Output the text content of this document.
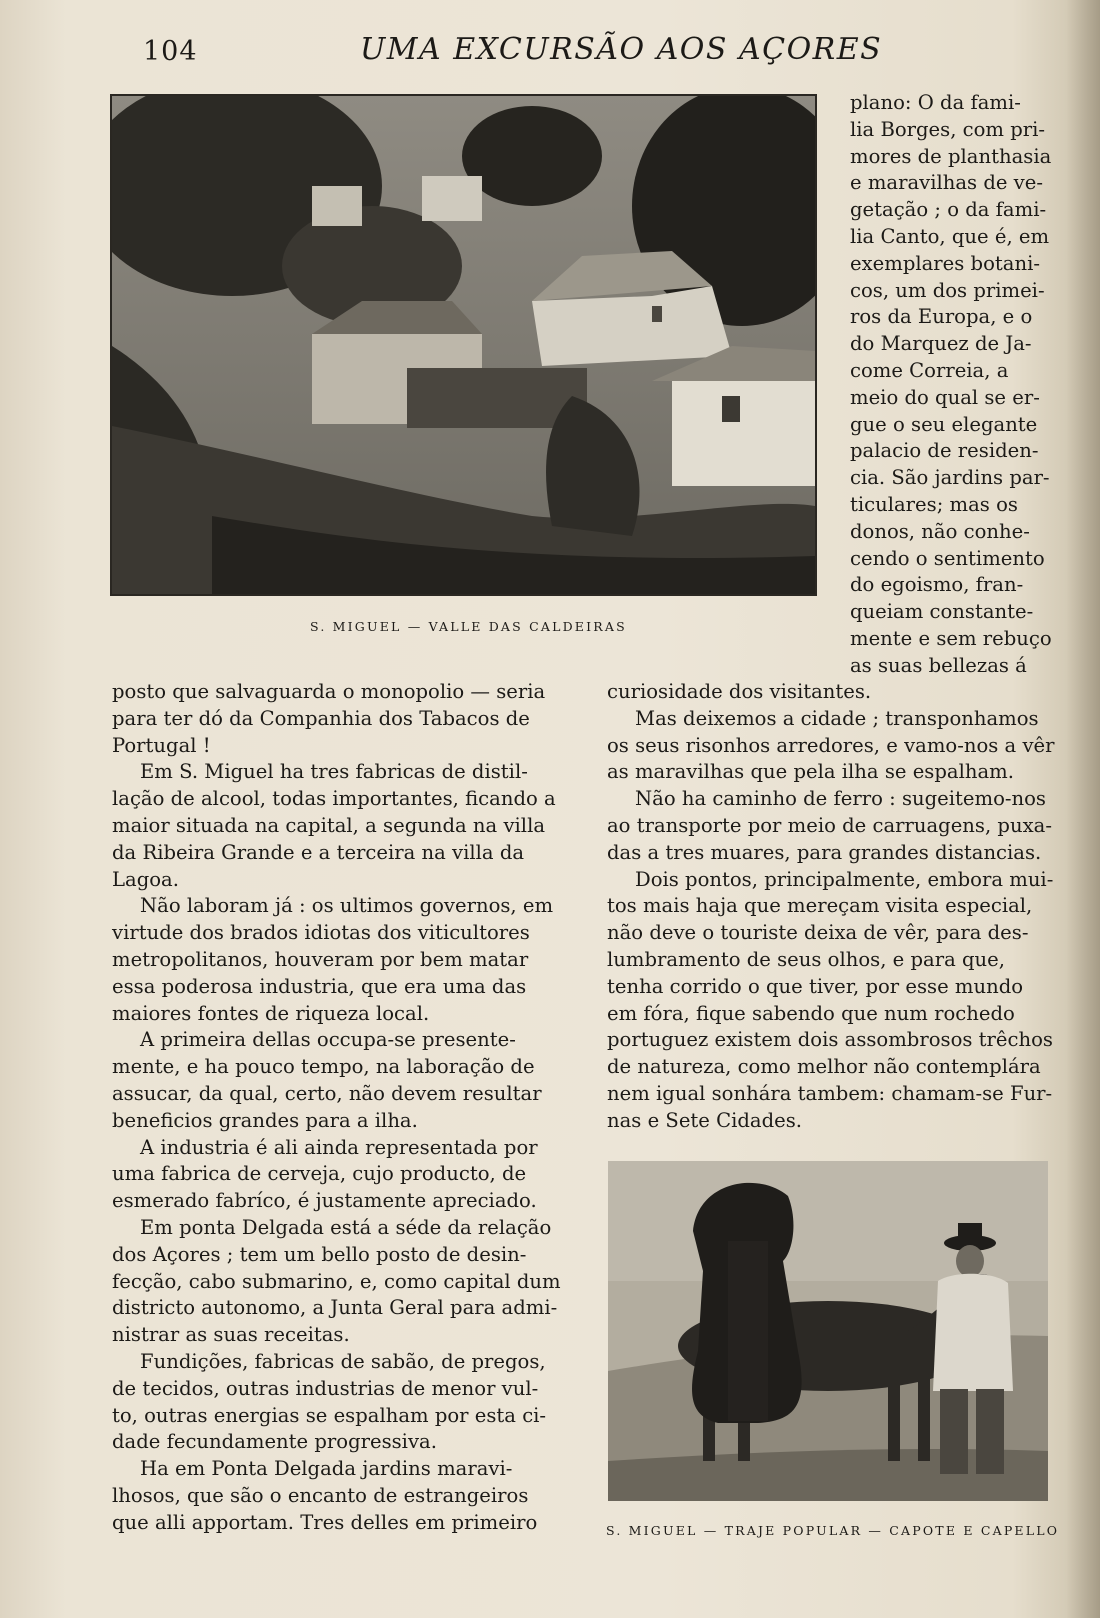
104	UMA EXCURSÃO AOS AÇORES
S. MIGUEL — VALLE DAS CALDEIRAS
plano: O da fami-
lia Borges, com pri-
mores de planthasia
e maravilhas de ve-
getação ; o da fami-
lia Canto, que é, em
exemplares botani-
cos, um dos primei-
ros da Europa, e o
do Marquez de Ja-
come Correia, a
meio do qual se er-
gue o seu elegante
palacio de residen-
cia. São jardins par-
ticulares; mas os
donos, não conhe-
cendo o sentimento
do egoismo, fran-
queiam constante-
mente e sem rebuço
as suas bellezas á
posto que salvaguarda o monopolio — seria
para ter dó da Companhia dos Tabacos de
Portugal !
Em S. Miguel ha tres fabricas de distil-
lação de alcool, todas importantes, ficando a
maior situada na capital, a segunda na villa
da Ribeira Grande e a terceira na villa da
Lagoa.
Não laboram já : os ultimos governos, em
virtude dos brados idiotas dos viticultores
metropolitanos, houveram por bem matar
essa poderosa industria, que era uma das
maiores fontes de riqueza local.
A primeira dellas occupa-se presente-
mente, e ha pouco tempo, na laboração de
assucar, da qual, certo, não devem resultar
beneficios grandes para a ilha.
A industria é ali ainda representada por
uma fabrica de cerveja, cujo producto, de
esmerado fabríco, é justamente apreciado.
Em ponta Delgada está a séde da relação
dos Açores ; tem um bello posto de desin-
fecção, cabo submarino, e, como capital dum
districto autonomo, a Junta Geral para admi-
nistrar as suas receitas.
Fundições, fabricas de sabão, de pregos,
de tecidos, outras industrias de menor vul-
to, outras energias se espalham por esta ci-
dade fecundamente progressiva.
Ha em Ponta Delgada jardins maravi-
lhosos, que são o encanto de estrangeiros
que alli apportam. Tres delles em primeiro
curiosidade dos visitantes.
Mas deixemos a cidade ; transponhamos
os seus risonhos arredores, e vamo-nos a vêr
as maravilhas que pela ilha se espalham.
Não ha caminho de ferro : sugeitemo-nos
ao transporte por meio de carruagens, puxa-
das a tres muares, para grandes distancias.
Dois pontos, principalmente, embora mui-
tos mais haja que mereçam visita especial,
não deve o touriste deixa de vêr, para des-
lumbramento de seus olhos, e para que,
tenha corrido o que tiver, por esse mundo
em fóra, fique sabendo que num rochedo
portuguez existem dois assombrosos trêchos
de natureza, como melhor não contemplára
nem igual sonhára tambem: chamam-se Fur-
nas e Sete Cidades.
S. MIGUEL — TRAJE POPULAR — CAPOTE E CAPELLO
